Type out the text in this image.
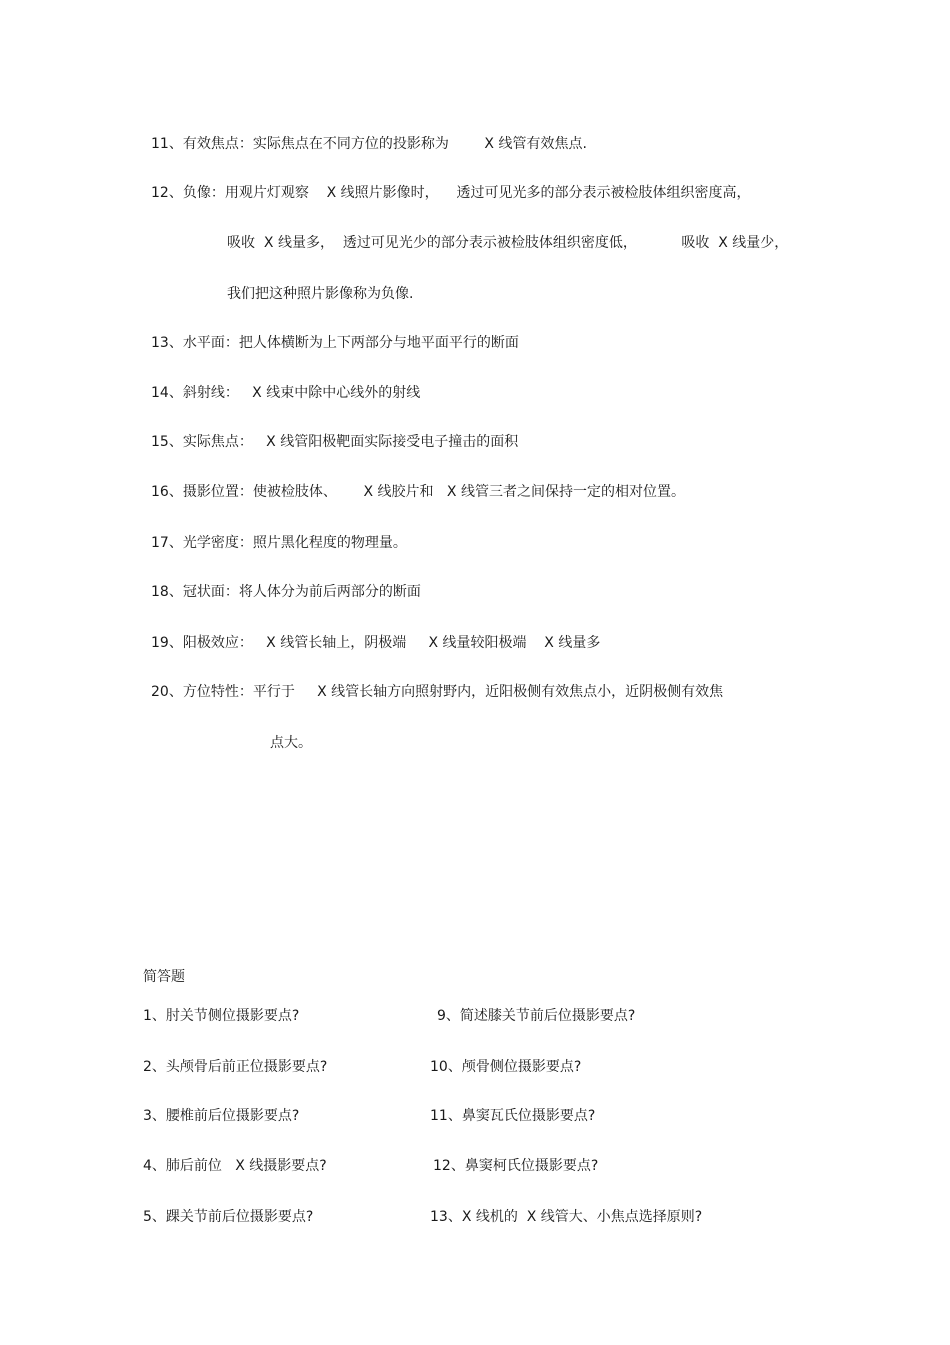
11、有效焦点：实际焦点在不同方位的投影称为        X 线管有效焦点.
12、负像：用观片灯观察    X 线照片影像时，    透过可见光多的部分表示被检肢体组织密度高，
吸收  X 线量多，  透过可见光少的部分表示被检肢体组织密度低，          吸收  X 线量少，
我们把这种照片影像称为负像.
13、水平面：把人体横断为上下两部分与地平面平行的断面
14、斜射线：   X 线束中除中心线外的射线
15、实际焦点：   X 线管阳极靶面实际接受电子撞击的面积
16、摄影位置：使被检肢体、      X 线胶片和   X 线管三者之间保持一定的相对位置。
17、光学密度：照片黑化程度的物理量。
18、冠状面：将人体分为前后两部分的断面
19、阳极效应：   X 线管长轴上，阴极端     X 线量较阳极端    X 线量多
20、方位特性：平行于     X 线管长轴方向照射野内，近阳极侧有效焦点小，近阴极侧有效焦
点大。
简答题
1、肘关节侧位摄影要点?
2、头颅骨后前正位摄影要点?
3、腰椎前后位摄影要点?
4、肺后前位   X 线摄影要点?
5、踝关节前后位摄影要点?
9、简述膝关节前后位摄影要点?
10、颅骨侧位摄影要点?
11、鼻窦瓦氏位摄影要点?
12、鼻窦柯氏位摄影要点?
13、X 线机的  X 线管大、小焦点选择原则?
